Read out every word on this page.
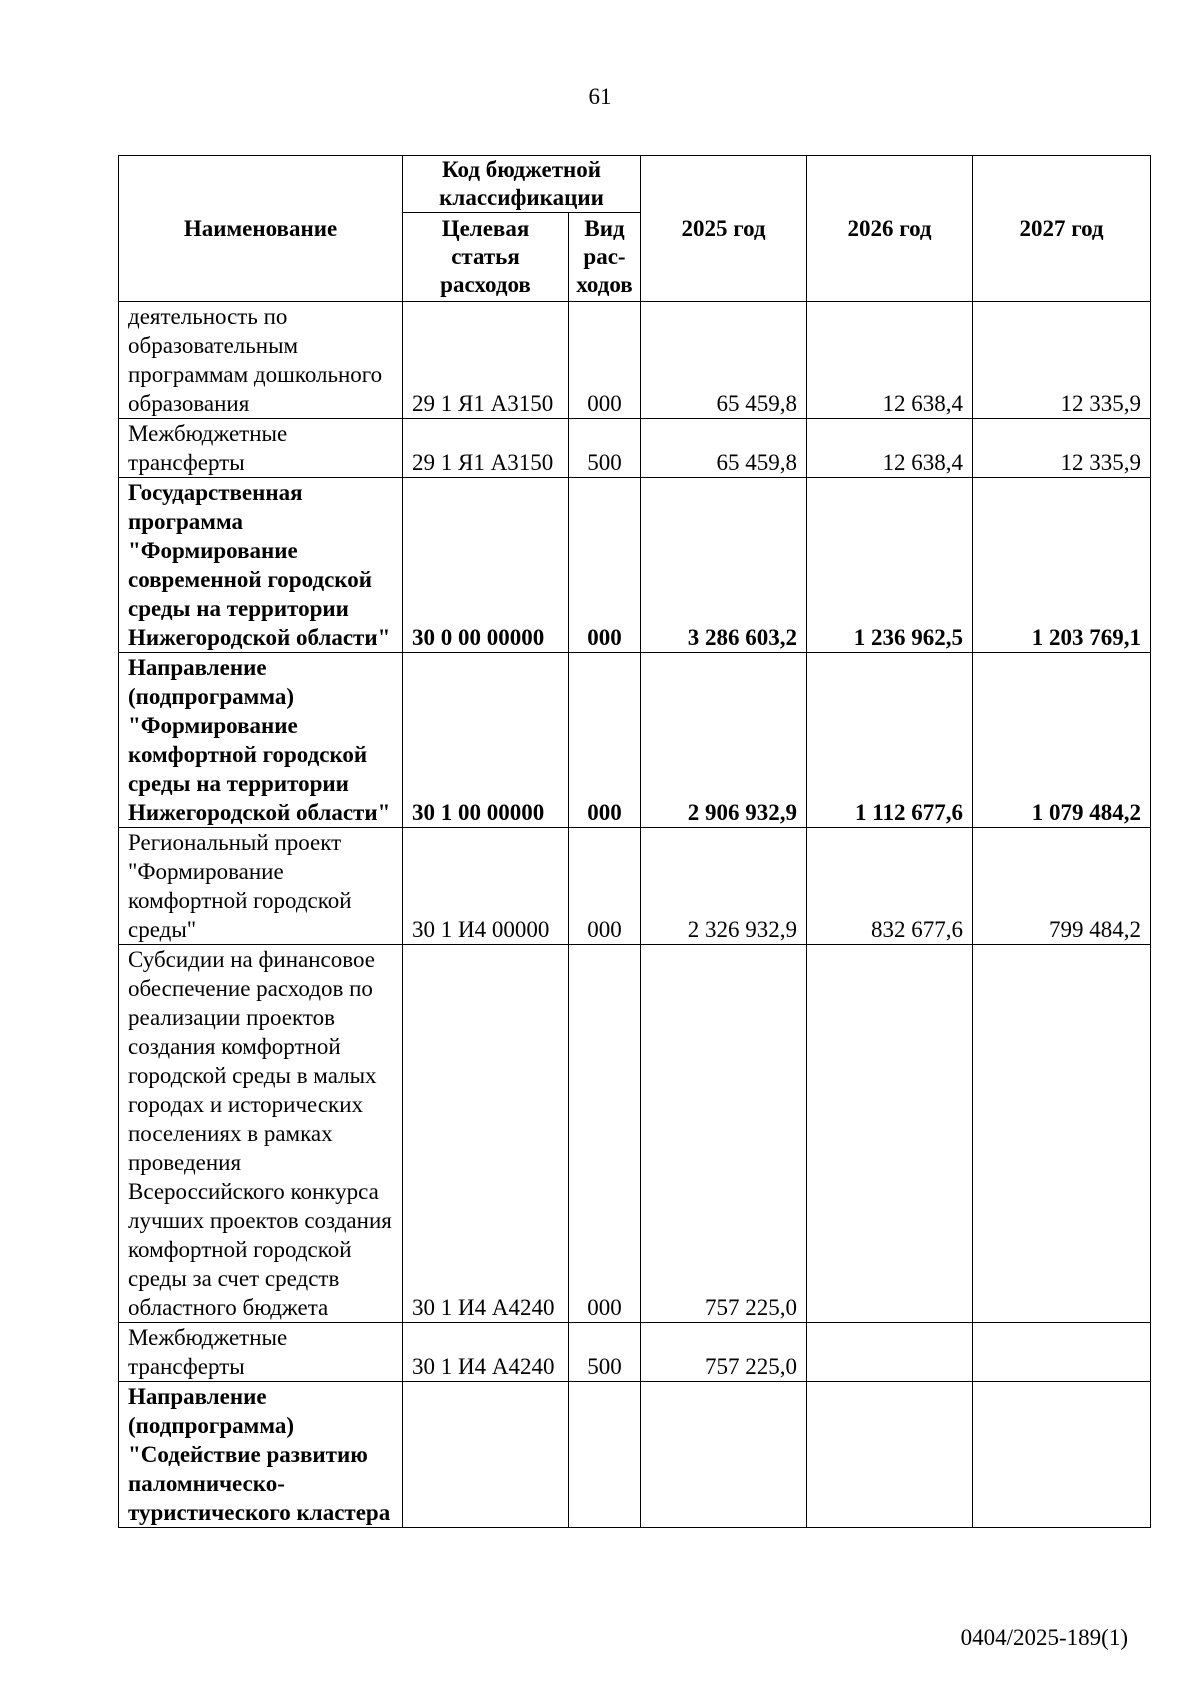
61
Наименование	Код бюджетной классификации		2025 год	2026 год	2027 год
	Целевая статья расходов	Вид рас-ходов			
деятельность по образовательным программам дошкольного образования	29 1 Я1 А3150	000	65 459,8	12 638,4	12 335,9
Межбюджетные трансферты	29 1 Я1 А3150	500	65 459,8	12 638,4	12 335,9
Государственная программа "Формирование современной городской среды на территории Нижегородской области"	30 0 00 00000	000	3 286 603,2	1 236 962,5	1 203 769,1
Направление (подпрограмма) "Формирование комфортной городской среды на территории Нижегородской области"	30 1 00 00000	000	2 906 932,9	1 112 677,6	1 079 484,2
Региональный проект "Формирование комфортной городской среды"	30 1 И4 00000	000	2 326 932,9	832 677,6	799 484,2
Субсидии на финансовое обеспечение расходов по реализации проектов создания комфортной городской среды в малых городах и исторических поселениях в рамках проведения Всероссийского конкурса лучших проектов создания комфортной городской среды за счет средств областного бюджета	30 1 И4 А4240	000	757 225,0		
Межбюджетные трансферты	30 1 И4 А4240	500	757 225,0		
Направление (подпрограмма) "Содействие развитию паломническо-туристического кластера					
0404/2025-189(1)
